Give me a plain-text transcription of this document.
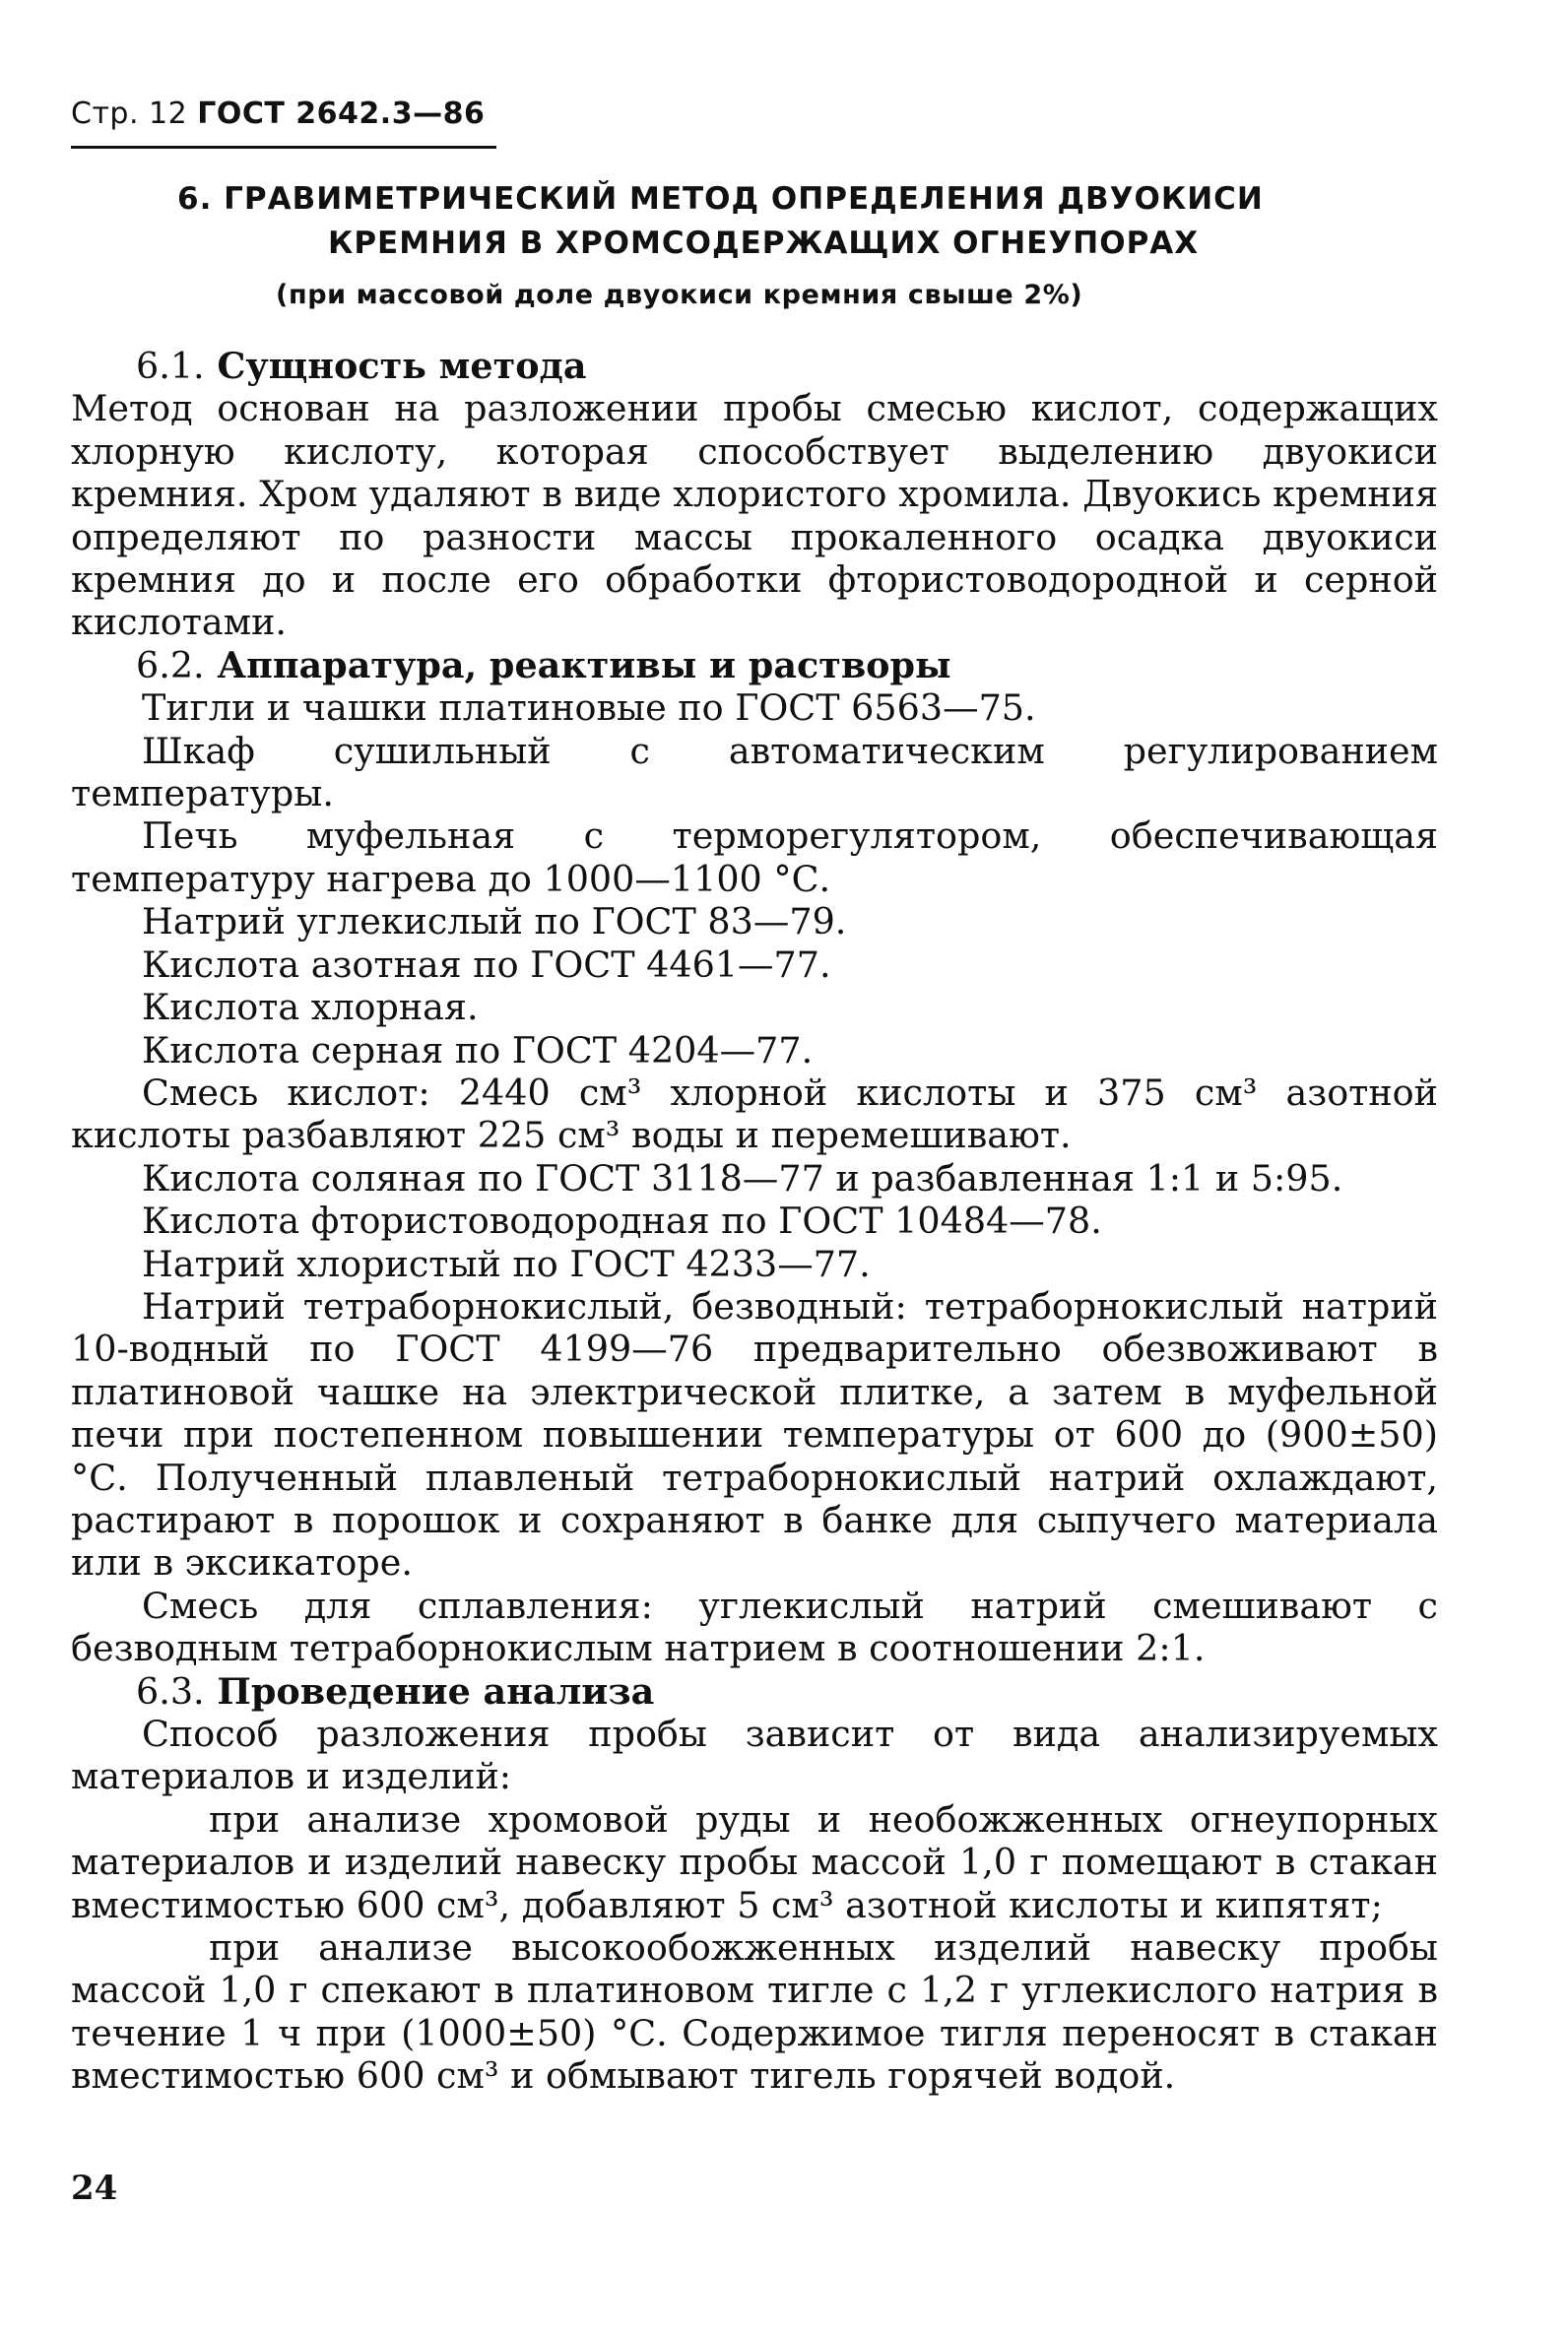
Стр. 12 ГОСТ 2642.3—86
6. ГРАВИМЕТРИЧЕСКИЙ МЕТОД ОПРЕДЕЛЕНИЯ ДВУОКИСИ
КРЕМНИЯ В ХРОМСОДЕРЖАЩИХ ОГНЕУПОРАХ
(при массовой доле двуокиси кремния свыше 2%)

6.1. Сущность метода

Метод основан на разложении пробы смесью кислот, содержащих хлорную кислоту, которая способствует выделению двуокиси кремния. Хром удаляют в виде хлористого хромила. Двуокись кремния определяют по разности массы прокаленного осадка двуокиси кремния до и после его обработки фтористоводородной и серной кислотами.

6.2. Аппаратура, реактивы и растворы

Тигли и чашки платиновые по ГОСТ 6563—75.

Шкаф сушильный с автоматическим регулированием температуры.

Печь муфельная с терморегулятором, обеспечивающая температуру нагрева до 1000—1100 °С.

Натрий углекислый по ГОСТ 83—79.

Кислота азотная по ГОСТ 4461—77.

Кислота хлорная.

Кислота серная по ГОСТ 4204—77.

Смесь кислот: 2440 см³ хлорной кислоты и 375 см³ азотной кислоты разбавляют 225 см³ воды и перемешивают.

Кислота соляная по ГОСТ 3118—77 и разбавленная 1:1 и 5:95.

Кислота фтористоводородная по ГОСТ 10484—78.

Натрий хлористый по ГОСТ 4233—77.

Натрий тетраборнокислый, безводный: тетраборнокислый натрий 10-водный по ГОСТ 4199—76 предварительно обезвоживают в платиновой чашке на электрической плитке, а затем в муфельной печи при постепенном повышении температуры от 600 до (900±50) °С. Полученный плавленый тетраборнокислый натрий охлаждают, растирают в порошок и сохраняют в банке для сыпучего материала или в эксикаторе.

Смесь для сплавления: углекислый натрий смешивают с безводным тетраборнокислым натрием в соотношении 2:1.

6.3. Проведение анализа

Способ разложения пробы зависит от вида анализируемых материалов и изделий:

при анализе хромовой руды и необожженных огнеупорных материалов и изделий навеску пробы массой 1,0 г помещают в стакан вместимостью 600 см³, добавляют 5 см³ азотной кислоты и кипятят;

при анализе высокообожженных изделий навеску пробы массой 1,0 г спекают в платиновом тигле с 1,2 г углекислого натрия в течение 1 ч при (1000±50) °С. Содержимое тигля переносят в стакан вместимостью 600 см³ и обмывают тигель горячей водой.

24
